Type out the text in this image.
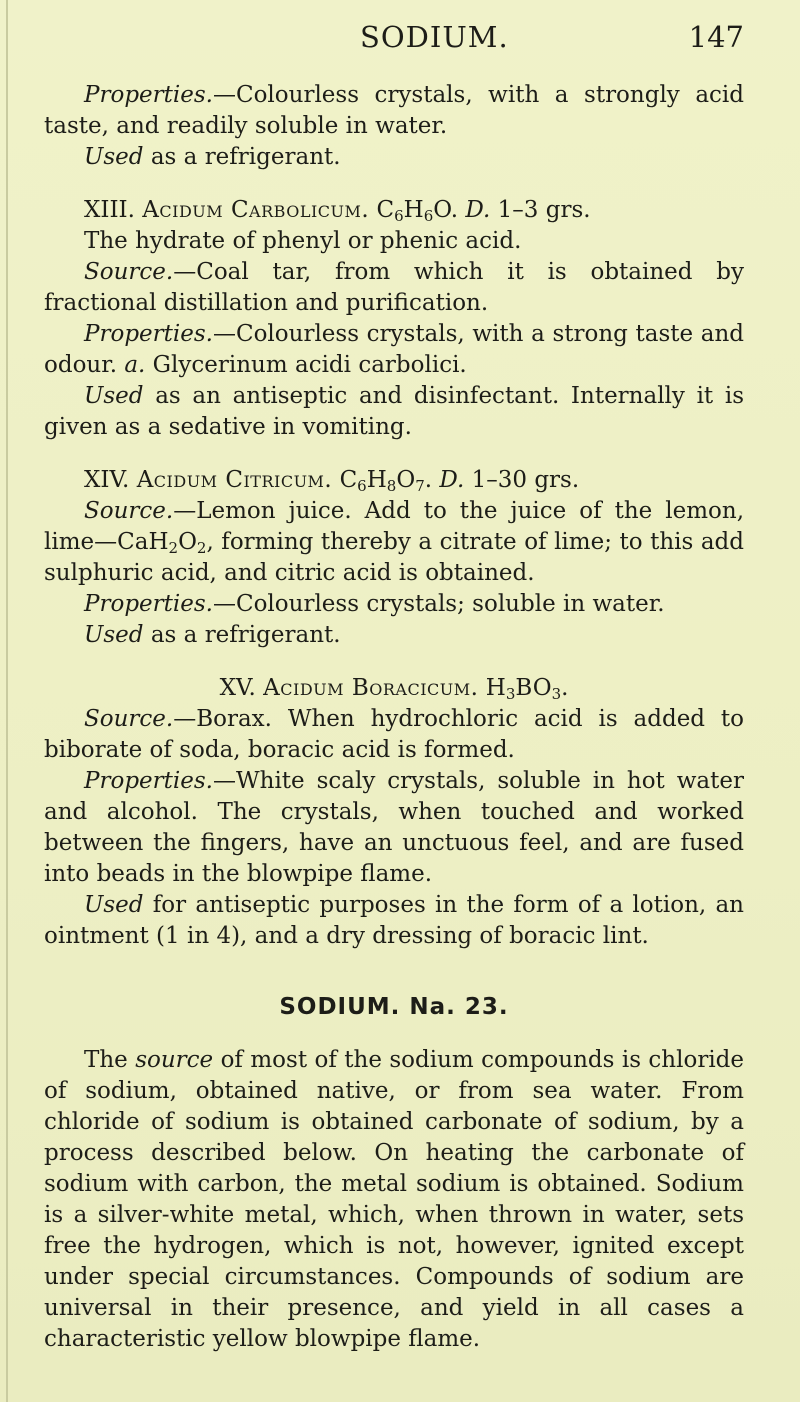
SODIUM.	147

Properties.—Colourless crystals, with a strongly acid taste, and readily soluble in water.

Used as a refrigerant.

XIII. Acidum Carbolicum. $C_6H_6O$. D. 1–3 grs.

The hydrate of phenyl or phenic acid.

Source.—Coal tar, from which it is obtained by fractional distillation and purification.

Properties.—Colourless crystals, with a strong taste and odour. a. Glycerinum acidi carbolici.

Used as an antiseptic and disinfectant. Internally it is given as a sedative in vomiting.

XIV. Acidum Citricum. $C_6H_8O_7$. D. 1–30 grs.

Source.—Lemon juice. Add to the juice of the lemon, $\lim e—CaH_2O_2$, forming thereby a citrate of lime; to this add sulphuric acid, and citric acid is obtained.

Properties.—Colourless crystals; soluble in water.

Used as a refrigerant.

XV. Acidum Boracicum. $H_3BO_3$.

Source.—Borax. When hydrochloric acid is added to biborate of soda, boracic acid is formed.

Properties.—White scaly crystals, soluble in hot water and alcohol. The crystals, when touched and worked between the fingers, have an unctuous feel, and are fused into beads in the blowpipe flame.

Used for antiseptic purposes in the form of a lotion, an ointment (1 in 4), and a dry dressing of boracic lint.

SODIUM. Na. 23.

The source of most of the sodium compounds is chloride of sodium, obtained native, or from sea water. From chloride of sodium is obtained carbonate of sodium, by a process described below. On heating the carbonate of sodium with carbon, the metal sodium is obtained. Sodium is a silver-white metal, which, when thrown in water, sets free the hydrogen, which is not, however, ignited except under special circumstances. Compounds of sodium are universal in their presence, and yield in all cases a characteristic yellow blowpipe flame.
